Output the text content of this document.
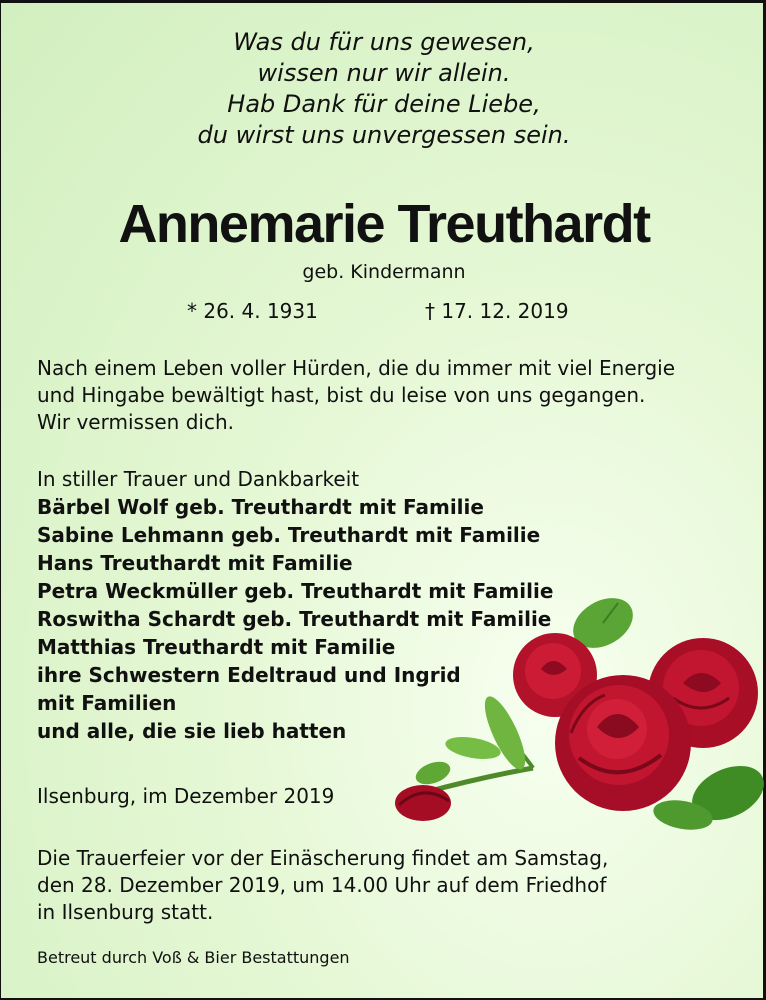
Was du für uns gewesen,
wissen nur wir allein.
Hab Dank für deine Liebe,
du wirst uns unvergessen sein.
Annemarie Treuthardt
geb. Kindermann
* 26. 4. 1931	† 17. 12. 2019
Nach einem Leben voller Hürden, die du immer mit viel Energie
und Hingabe bewältigt hast, bist du leise von uns gegangen.
Wir vermissen dich.
In stiller Trauer und Dankbarkeit
Bärbel Wolf geb. Treuthardt mit Familie
Sabine Lehmann geb. Treuthardt mit Familie
Hans Treuthardt mit Familie
Petra Weckmüller geb. Treuthardt mit Familie
Roswitha Schardt geb. Treuthardt mit Familie
Matthias Treuthardt mit Familie
ihre Schwestern Edeltraud und Ingrid
mit Familien
und alle, die sie lieb hatten
Ilsenburg, im Dezember 2019
Die Trauerfeier vor der Einäscherung findet am Samstag,
den 28. Dezember 2019, um 14.00 Uhr auf dem Friedhof
in Ilsenburg statt.
Betreut durch Voß & Bier Bestattungen
